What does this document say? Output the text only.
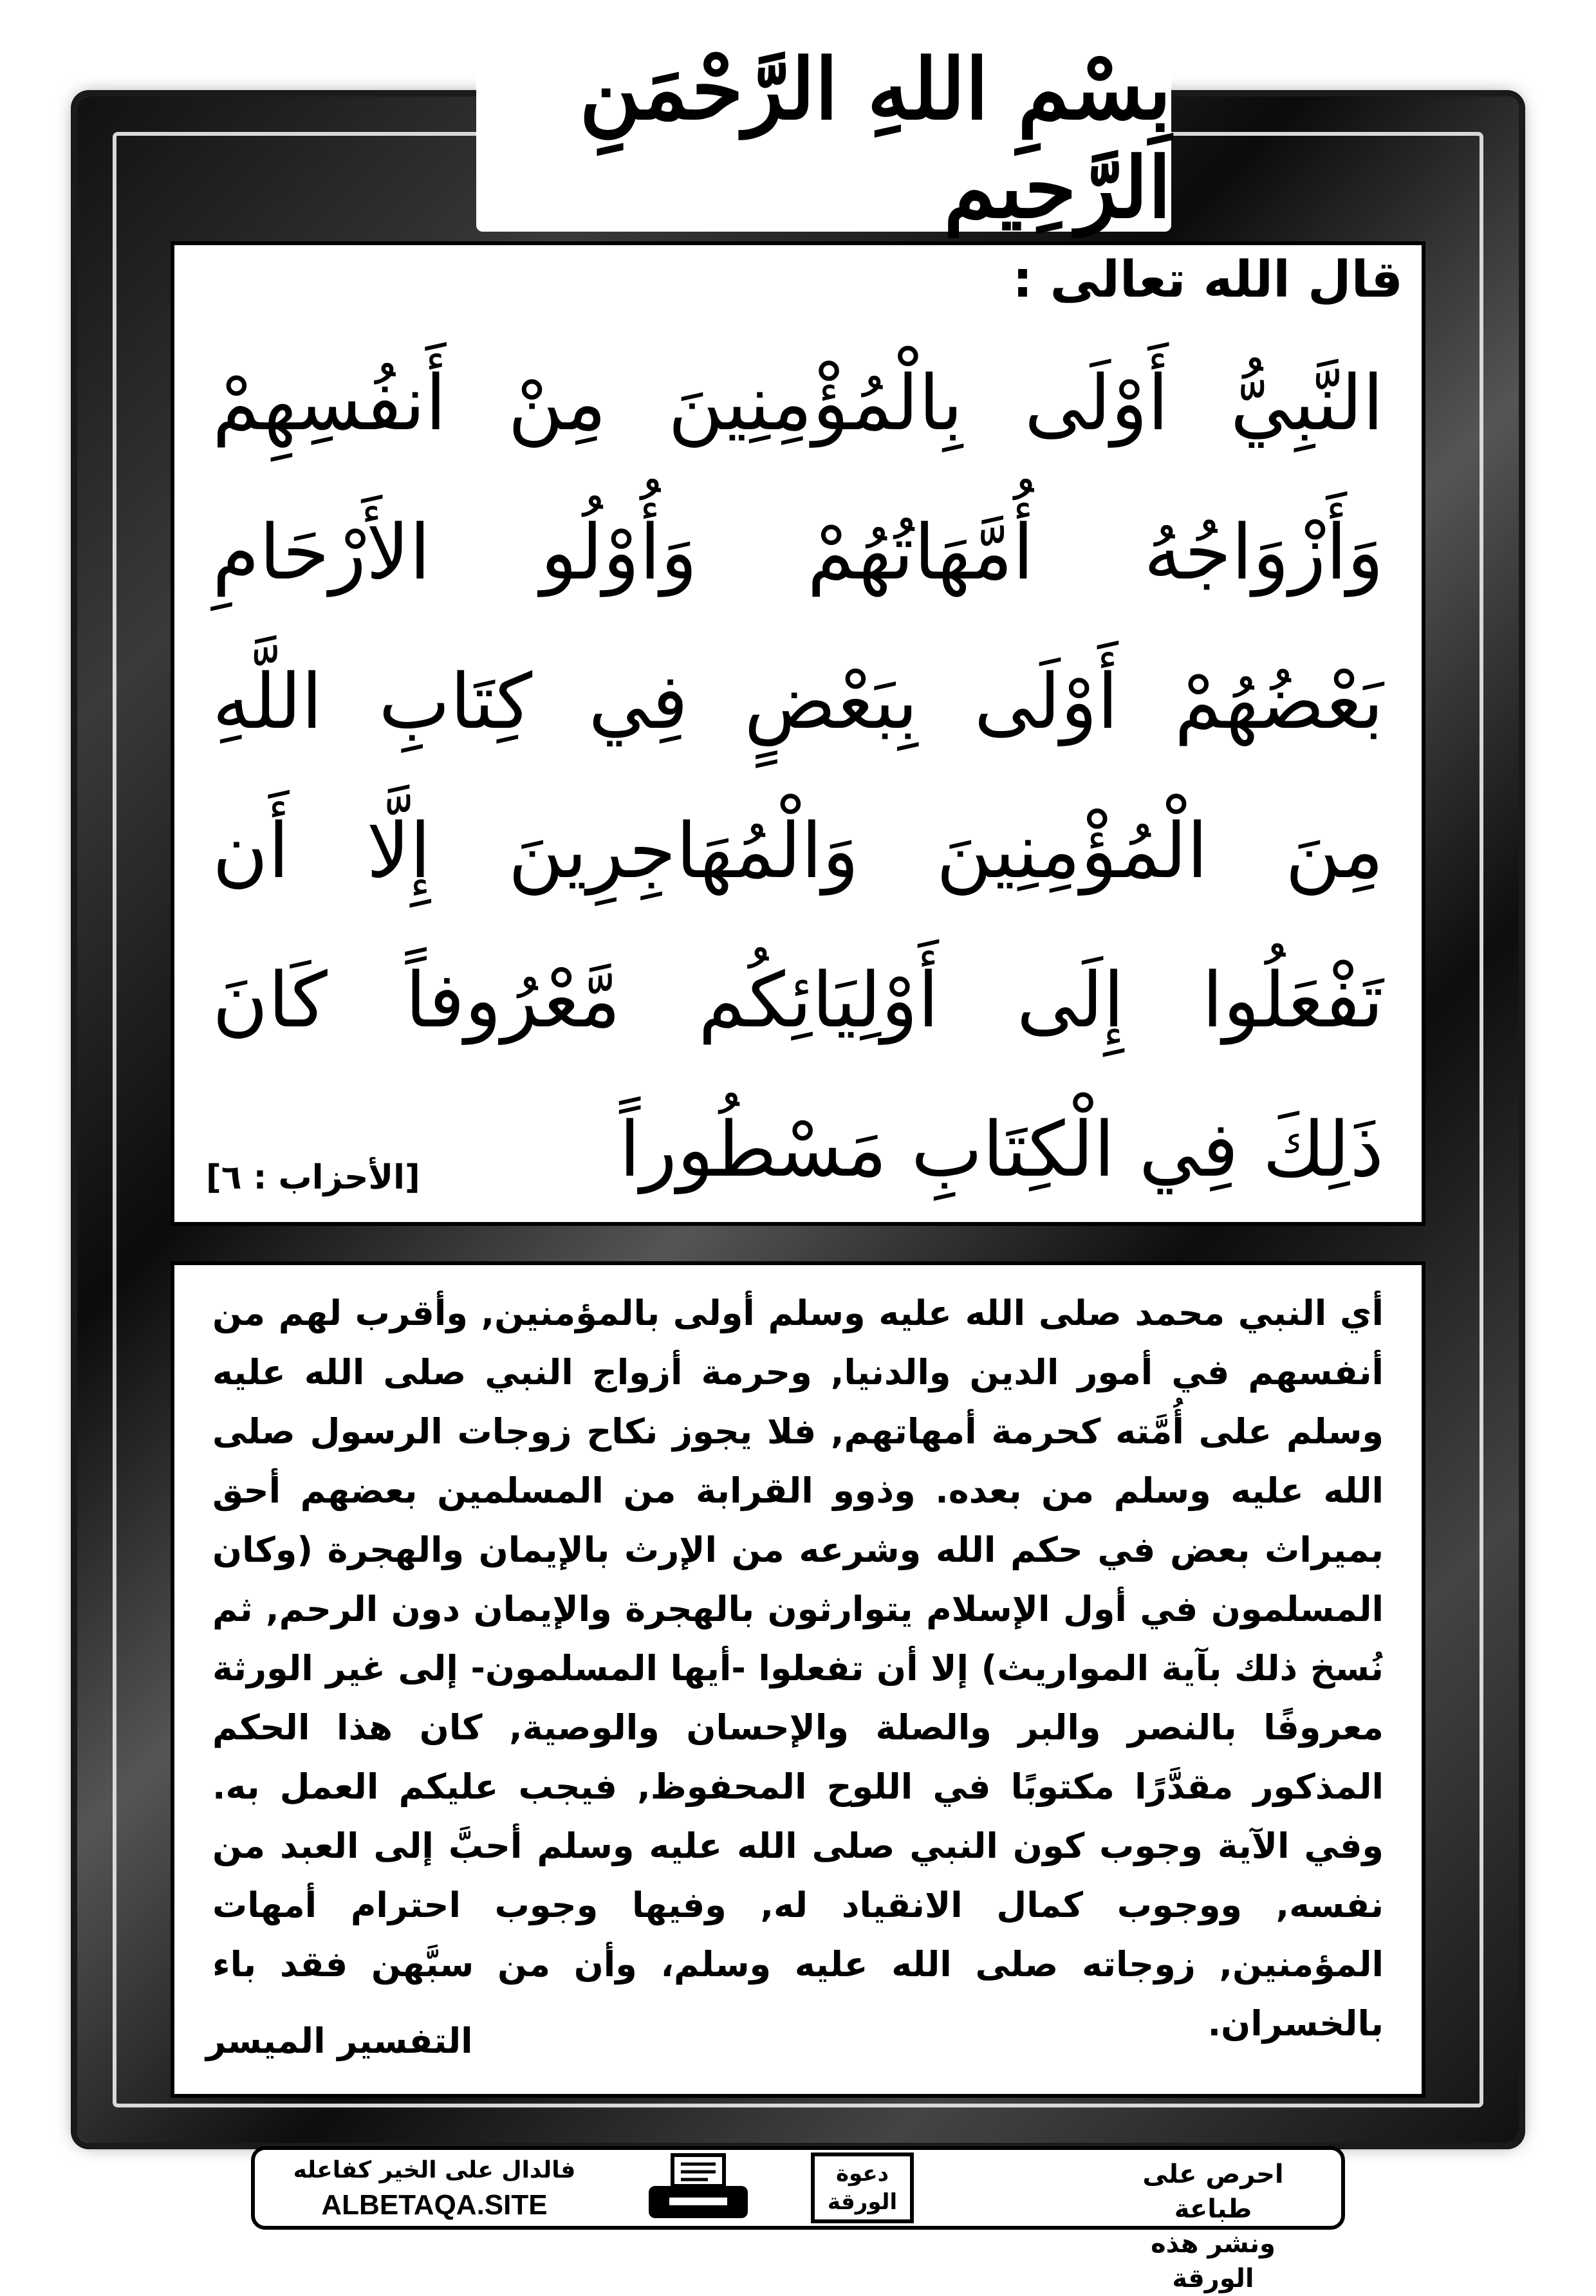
بِسْمِ اللهِ الرَّحْمَنِ الرَّحِيمِ
قال الله تعالى :
النَّبِيُّ أَوْلَى بِالْمُؤْمِنِينَ مِنْ أَنفُسِهِمْ
وَأَزْوَاجُهُ أُمَّهَاتُهُمْ وَأُوْلُو الأَرْحَامِ
بَعْضُهُمْ أَوْلَى بِبَعْضٍ فِي كِتَابِ اللَّهِ
مِنَ الْمُؤْمِنِينَ وَالْمُهَاجِرِينَ إِلَّا أَن
تَفْعَلُوا إِلَى أَوْلِيَائِكُم مَّعْرُوفاً كَانَ
ذَلِكَ فِي الْكِتَابِ مَسْطُوراً
[الأحزاب : ٦]
أي النبي محمد صلى الله عليه وسلم أولى بالمؤمنين, وأقرب لهم من أنفسهم في أمور الدين والدنيا, وحرمة أزواج النبي صلى الله عليه وسلم على أُمَّته كحرمة أمهاتهم, فلا يجوز نكاح زوجات الرسول صلى الله عليه وسلم من بعده. وذوو القرابة من المسلمين بعضهم أحق بميراث بعض في حكم الله وشرعه من الإرث بالإيمان والهجرة (وكان المسلمون في أول الإسلام يتوارثون بالهجرة والإيمان دون الرحم, ثم نُسخ ذلك بآية المواريث) إلا أن تفعلوا -أيها المسلمون- إلى غير الورثة معروفًا بالنصر والبر والصلة والإحسان والوصية, كان هذا الحكم المذكور مقدَّرًا مكتوبًا في اللوح المحفوظ, فيجب عليكم العمل به. وفي الآية وجوب كون النبي صلى الله عليه وسلم أحبَّ إلى العبد من نفسه, ووجوب كمال الانقياد له, وفيها وجوب احترام أمهات المؤمنين, زوجاته صلى الله عليه وسلم، وأن من سبَّهن فقد باء بالخسران.
التفسير الميسر
احرص على طباعة
ونشر هذه الورقة
دعوة
الورقة
فالدال على الخير كفاعله
ALBETAQA.SITE
